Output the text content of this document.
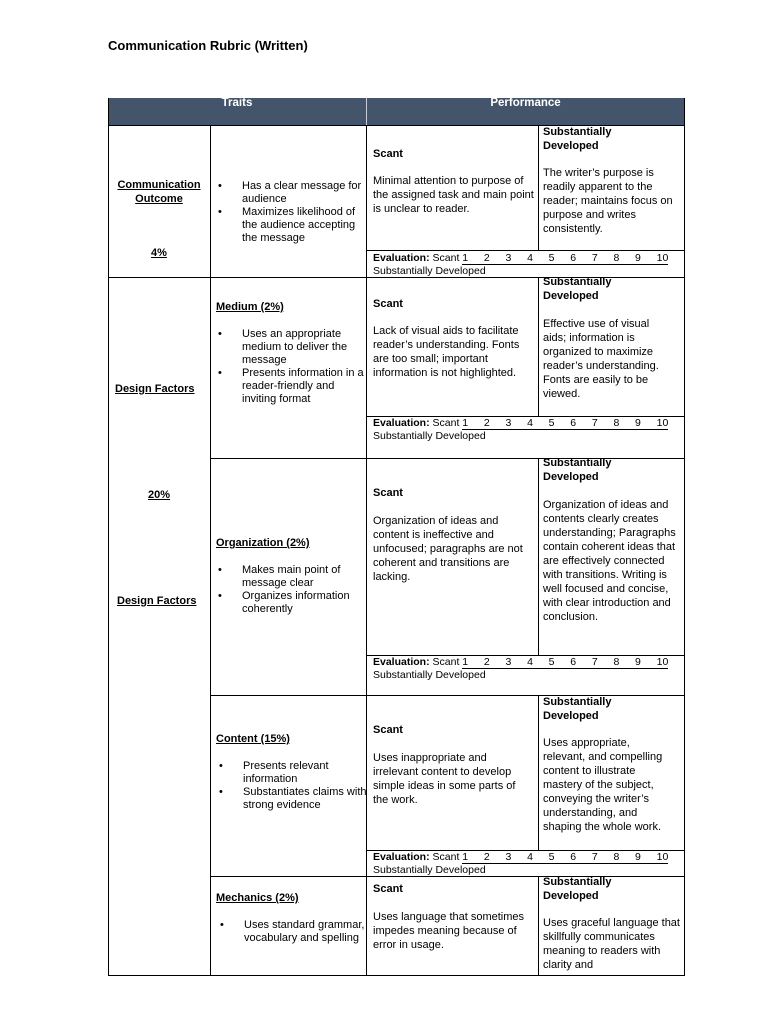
Communication Rubric (Written)
Traits	Performance
Communication
Outcome
4%
• Has a clear message for audience
• Maximizes likelihood of the audience accepting the message
Scant
Minimal attention to purpose of the assigned task and main point is unclear to reader.
Substantially Developed
The writer’s purpose is readily apparent to the reader; maintains focus on purpose and writes consistently.
Evaluation: Scant 1 2 3 4 5 6 7 8 9 10
Substantially Developed
Design Factors
Medium (2%)
• Uses an appropriate medium to deliver the message
• Presents information in a reader-friendly and inviting format
Scant
Lack of visual aids to facilitate reader’s understanding. Fonts are too small; important information is not highlighted.
Substantially Developed
Effective use of visual aids; information is organized to maximize reader’s understanding. Fonts are easily to be viewed.
Evaluation: Scant 1 2 3 4 5 6 7 8 9 10
Substantially Developed
20%
Design Factors
Organization (2%)
• Makes main point of message clear
• Organizes information coherently
Scant
Organization of ideas and content is ineffective and unfocused; paragraphs are not coherent and transitions are lacking.
Substantially Developed
Organization of ideas and contents clearly creates understanding; Paragraphs contain coherent ideas that are effectively connected with transitions. Writing is well focused and concise, with clear introduction and conclusion.
Evaluation: Scant 1 2 3 4 5 6 7 8 9 10
Substantially Developed
Content (15%)
• Presents relevant information
• Substantiates claims with strong evidence
Scant
Uses inappropriate and irrelevant content to develop simple ideas in some parts of the work.
Substantially Developed
Uses appropriate, relevant, and compelling content to illustrate mastery of the subject, conveying the writer’s understanding, and shaping the whole work.
Evaluation: Scant 1 2 3 4 5 6 7 8 9 10
Substantially Developed
Mechanics (2%)
• Uses standard grammar, vocabulary and spelling
Scant
Uses language that sometimes impedes meaning because of error in usage.
Substantially Developed
Uses graceful language that skillfully communicates meaning to readers with clarity and
